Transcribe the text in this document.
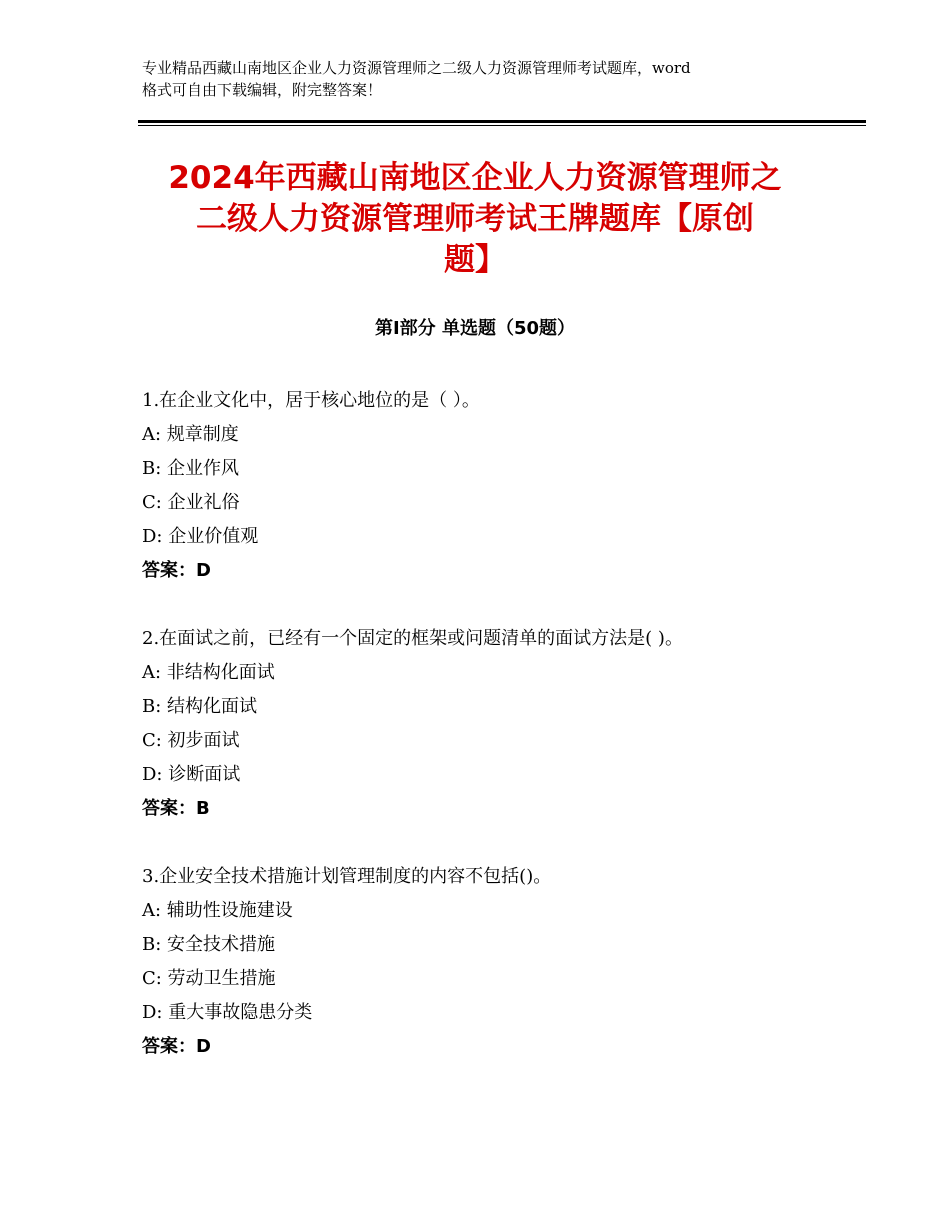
专业精品西藏山南地区企业人力资源管理师之二级人力资源管理师考试题库，word
格式可自由下载编辑，附完整答案！
2024年西藏山南地区企业人力资源管理师之
二级人力资源管理师考试王牌题库【原创
题】
第Ⅰ部分 单选题（50题）
1.在企业文化中，居于核心地位的是（ ）。
A: 规章制度
B: 企业作风
C: 企业礼俗
D: 企业价值观
答案：D
2.在面试之前，已经有一个固定的框架或问题清单的面试方法是( )。
A: 非结构化面试
B: 结构化面试
C: 初步面试
D: 诊断面试
答案：B
3.企业安全技术措施计划管理制度的内容不包括()。
A: 辅助性设施建设
B: 安全技术措施
C: 劳动卫生措施
D: 重大事故隐患分类
答案：D
